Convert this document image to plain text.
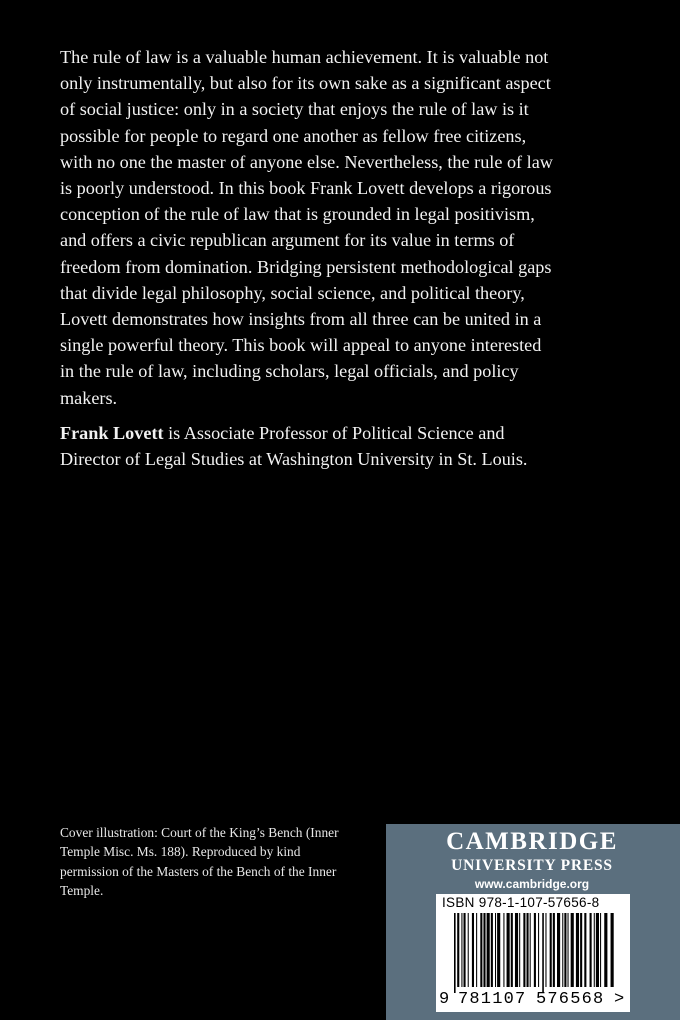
The rule of law is a valuable human achievement. It is valuable not only instrumentally, but also for its own sake as a significant aspect of social justice: only in a society that enjoys the rule of law is it possible for people to regard one another as fellow free citizens, with no one the master of anyone else. Nevertheless, the rule of law is poorly understood. In this book Frank Lovett develops a rigorous conception of the rule of law that is grounded in legal positivism, and offers a civic republican argument for its value in terms of freedom from domination. Bridging persistent methodological gaps that divide legal philosophy, social science, and political theory, Lovett demonstrates how insights from all three can be united in a single powerful theory. This book will appeal to anyone interested in the rule of law, including scholars, legal officials, and policy makers.

Frank Lovett is Associate Professor of Political Science and Director of Legal Studies at Washington University in St. Louis.

Cover illustration: Court of the King’s Bench (Inner Temple Misc. Ms. 188). Reproduced by kind permission of the Masters of the Bench of the Inner Temple.

CAMBRIDGE
UNIVERSITY PRESS
www.cambridge.org
ISBN 978-1-107-57656-8
9 781107 576568 >
